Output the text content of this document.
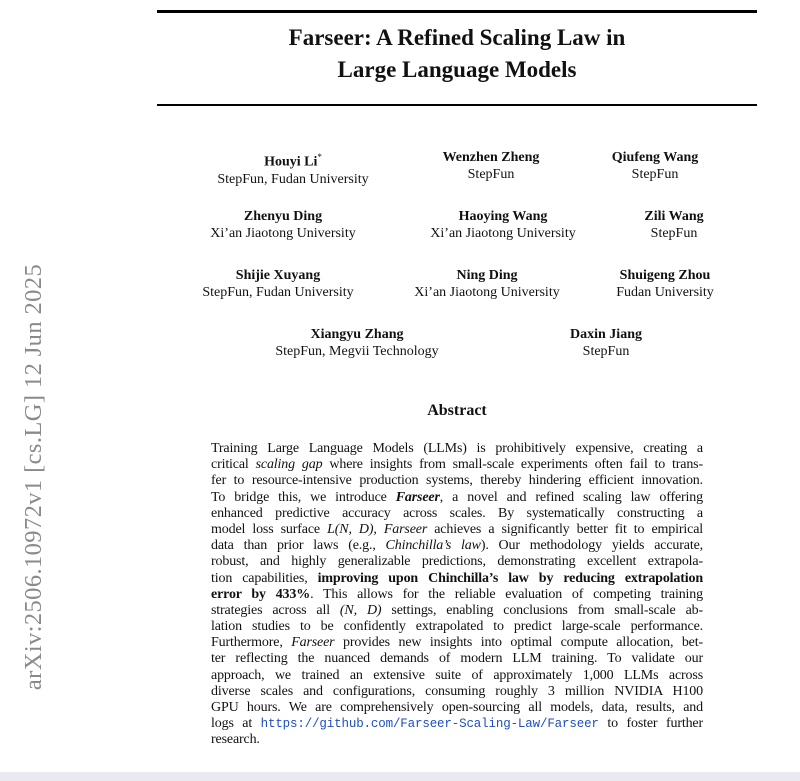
Farseer: A Refined Scaling Law in
Large Language Models
arXiv:2506.10972v1 [cs.LG] 12 Jun 2025
Houyi Li*
StepFun, Fudan University
Wenzhen Zheng
StepFun
Qiufeng Wang
StepFun
Zhenyu Ding
Xi’an Jiaotong University
Haoying Wang
Xi’an Jiaotong University
Zili Wang
StepFun
Shijie Xuyang
StepFun, Fudan University
Ning Ding
Xi’an Jiaotong University
Shuigeng Zhou
Fudan University
Xiangyu Zhang
StepFun, Megvii Technology
Daxin Jiang
StepFun
Abstract
Training Large Language Models (LLMs) is prohibitively expensive, creating a
critical scaling gap where insights from small-scale experiments often fail to trans-
fer to resource-intensive production systems, thereby hindering efficient innovation.
To bridge this, we introduce Farseer, a novel and refined scaling law offering
enhanced predictive accuracy across scales. By systematically constructing a
model loss surface L(N, D), Farseer achieves a significantly better fit to empirical
data than prior laws (e.g., Chinchilla’s law). Our methodology yields accurate,
robust, and highly generalizable predictions, demonstrating excellent extrapola-
tion capabilities, improving upon Chinchilla’s law by reducing extrapolation
error by 433%. This allows for the reliable evaluation of competing training
strategies across all (N, D) settings, enabling conclusions from small-scale ab-
lation studies to be confidently extrapolated to predict large-scale performance.
Furthermore, Farseer provides new insights into optimal compute allocation, bet-
ter reflecting the nuanced demands of modern LLM training. To validate our
approach, we trained an extensive suite of approximately 1,000 LLMs across
diverse scales and configurations, consuming roughly 3 million NVIDIA H100
GPU hours. We are comprehensively open-sourcing all models, data, results, and
logs at https://github.com/Farseer-Scaling-Law/Farseer to foster further
research.
